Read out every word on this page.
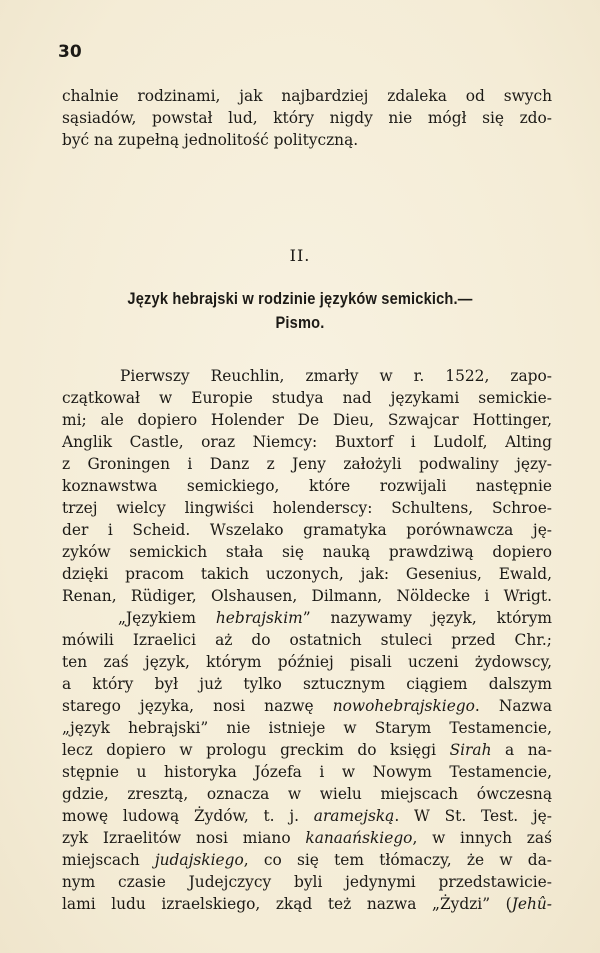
30
chalnie rodzinami, jak najbardziej zdaleka od swych
sąsiadów, powstał lud, który nigdy nie mógł się zdo-
być na zupełną jednolitość polityczną.
II.
Język hebrajski w rodzinie języków semickich.—
Pismo.
Pierwszy Reuchlin, zmarły w r. 1522, zapo-
czątkował w Europie studya nad językami semickie-
mi; ale dopiero Holender De Dieu, Szwajcar Hottinger,
Anglik Castle, oraz Niemcy: Buxtorf i Ludolf, Alting
z Groningen i Danz z Jeny założyli podwaliny języ-
koznawstwa semickiego, które rozwijali następnie
trzej wielcy lingwiści holenderscy: Schultens, Schroe-
der i Scheid. Wszelako gramatyka porównawcza ję-
zyków semickich stała się nauką prawdziwą dopiero
dzięki pracom takich uczonych, jak: Gesenius, Ewald,
Renan, Rüdiger, Olshausen, Dilmann, Nöldecke i Wrigt.
„Językiem hebrajskim” nazywamy język, którym
mówili Izraelici aż do ostatnich stuleci przed Chr.;
ten zaś język, którym później pisali uczeni żydowscy,
a który był już tylko sztucznym ciągiem dalszym
starego języka, nosi nazwę nowohebrajskiego. Nazwa
„język hebrajski” nie istnieje w Starym Testamencie,
lecz dopiero w prologu greckim do księgi Sirah a na-
stępnie u historyka Józefa i w Nowym Testamencie,
gdzie, zresztą, oznacza w wielu miejscach ówczesną
mowę ludową Żydów, t. j. aramejską. W St. Test. ję-
zyk Izraelitów nosi miano kanaańskiego, w innych zaś
miejscach judajskiego, co się tem tłómaczy, że w da-
nym czasie Judejczycy byli jedynymi przedstawicie-
lami ludu izraelskiego, zkąd też nazwa „Żydzi” (Jehû-
